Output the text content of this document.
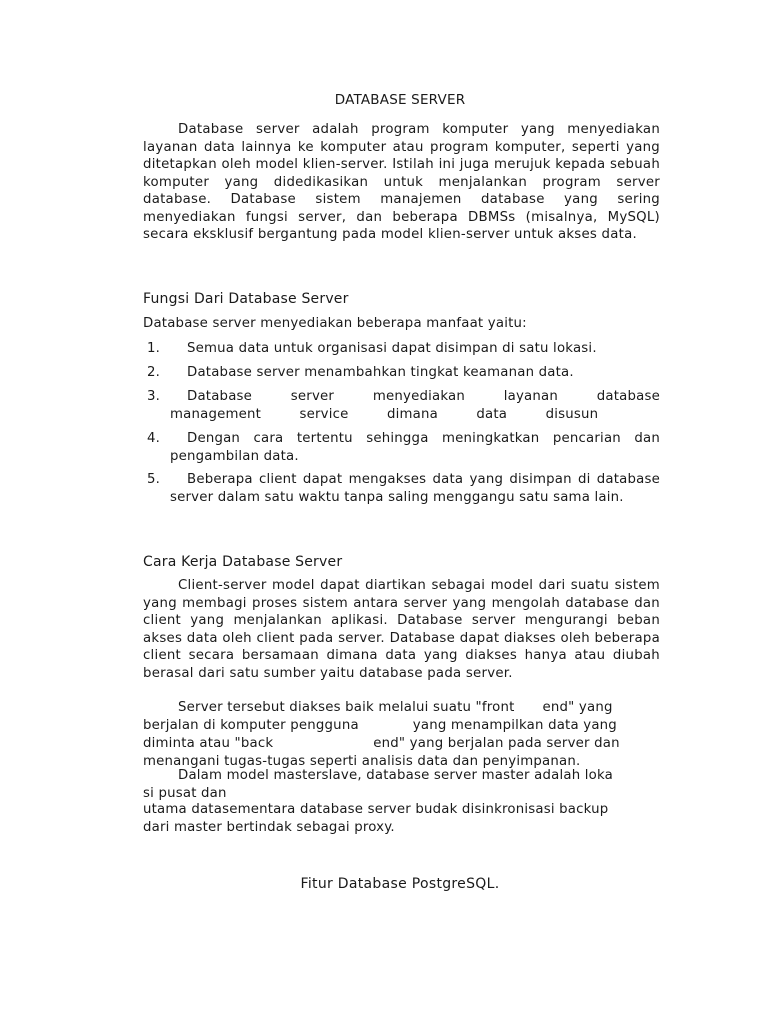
DATABASE SERVER

Database server adalah program komputer yang menyediakan layanan data lainnya ke komputer atau program komputer, seperti yang ditetapkan oleh model klien-server. Istilah ini juga merujuk kepada sebuah komputer yang didedikasikan untuk menjalankan program server database. Database sistem manajemen database yang sering menyediakan fungsi server, dan beberapa DBMSs (misalnya, MySQL) secara eksklusif bergantung pada model klien-server untuk akses data.

Fungsi Dari Database Server
Database server menyediakan beberapa manfaat yaitu:
1.	Semua data untuk organisasi dapat disimpan di satu lokasi.
2.	Database server menambahkan tingkat keamanan data.
3.	Database server menyediakan layanan database management service dimana data disusun
4.	Dengan cara tertentu sehingga meningkatkan pencarian dan pengambilan data.
5.	Beberapa client dapat mengakses data yang disimpan di database server dalam satu waktu tanpa saling menggangu satu sama lain.
Cara Kerja Database Server

Client-server model dapat diartikan sebagai model dari suatu sistem yang membagi proses sistem antara server yang mengolah database dan client yang menjalankan aplikasi. Database server mengurangi beban akses data oleh client pada server. Database dapat diakses oleh beberapa client secara bersamaan dimana data yang diakses hanya atau diubah berasal dari satu sumber yaitu database pada server.

Server tersebut diakses baik melalui suatu "front end" yang
berjalan di komputer pengguna	yang menampilkan data yang
diminta atau "back	end" yang berjalan pada server dan
menangani tugas-tugas seperti analisis data dan penyimpanan.
Dalam model masterslave, database server master adalah loka
si pusat dan
utama datasementara database server budak disinkronisasi backup
dari master bertindak sebagai proxy.
Fitur Database PostgreSQL.
